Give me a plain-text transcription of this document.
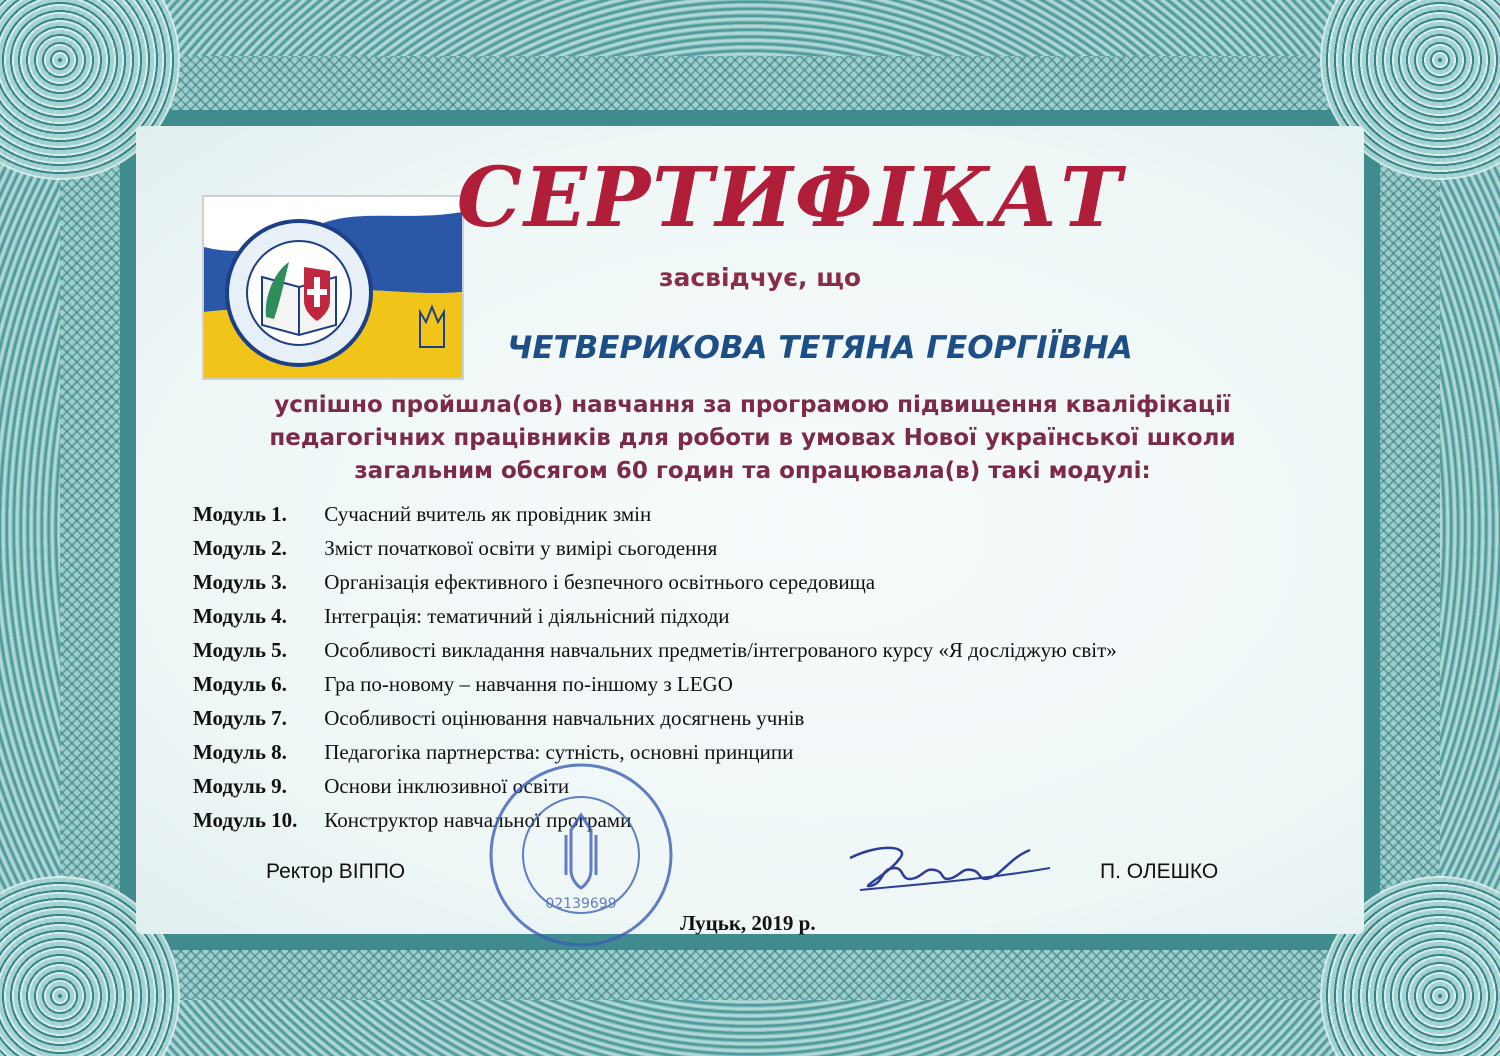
СЕРТИФІКАТ
засвідчує, що
ЧЕТВЕРИКОВА ТЕТЯНА ГЕОРГІЇВНА
успішно пройшла(ов) навчання за програмою підвищення кваліфікації
педагогічних працівників для роботи в умовах Нової української школи
загальним обсягом 60 годин та опрацювала(в) такі модулі:
Модуль 1. Сучасний вчитель як провідник змін
Модуль 2. Зміст початкової освіти у вимірі сьогодення
Модуль 3. Організація ефективного і безпечного освітнього середовища
Модуль 4. Інтеграція: тематичний і діяльнісний підходи
Модуль 5. Особливості викладання навчальних предметів/інтегрованого курсу «Я досліджую світ»
Модуль 6. Гра по-новому – навчання по-іншому з LEGO
Модуль 7. Особливості оцінювання навчальних досягнень учнів
Модуль 8. Педагогіка партнерства: сутність, основні принципи
Модуль 9. Основи інклюзивної освіти
Модуль 10. Конструктор навчальної програми
02139699
Ректор ВІППО	П. ОЛЕШКО
Луцьк, 2019 р.
